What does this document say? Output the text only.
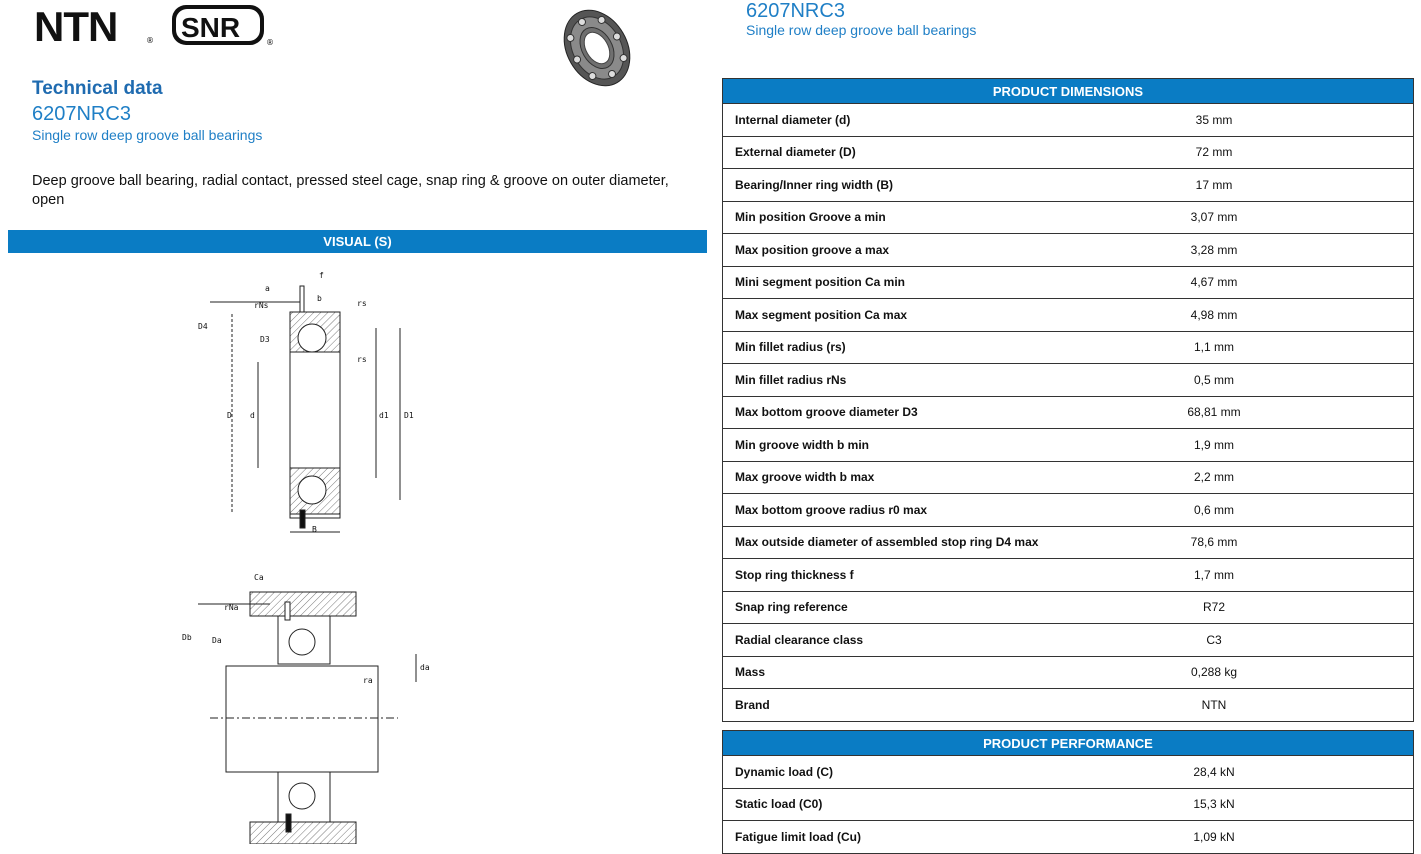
NTN	® SNR	®
6207NRC3
Single row deep groove ball bearings
Technical data
6207NRC3
Single row deep groove ball bearings
Deep groove ball bearing, radial contact, pressed steel cage, snap ring & groove on outer diameter, open
VISUAL (S)
f
a
b
rNs	rs
D4
D3
rs
D d	d1 D1
B
Ca
rNa
Db	Da
da
ra
PRODUCT DIMENSIONS	
Internal diameter (d)	35 mm
External diameter (D)	72 mm
Bearing/Inner ring width (B)	17 mm
Min position Groove a min	3,07 mm
Max position groove a max	3,28 mm
Mini segment position Ca min	4,67 mm
Max segment position Ca max	4,98 mm
Min fillet radius (rs)	1,1 mm
Min fillet radius rNs	0,5 mm
Max bottom groove diameter D3	68,81 mm
Min groove width b min	1,9 mm
Max groove width b max	2,2 mm
Max bottom groove radius r0 max	0,6 mm
Max outside diameter of assembled stop ring D4 max	78,6 mm
Stop ring thickness f	1,7 mm
Snap ring reference	R72
Radial clearance class	C3
Mass	0,288 kg
Brand	NTN
PRODUCT PERFORMANCE	
Dynamic load (C)	28,4 kN
Static load (C0)	15,3 kN
Fatigue limit load (Cu)	1,09 kN
